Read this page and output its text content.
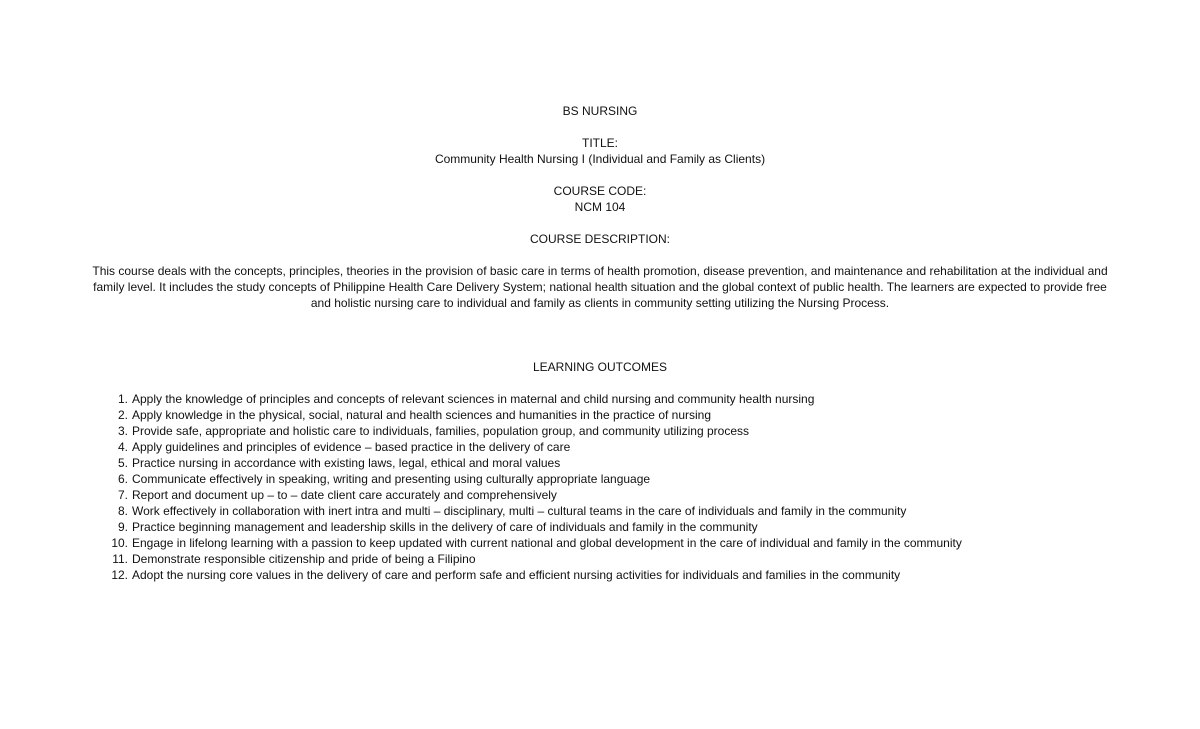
BS NURSING
TITLE:
Community Health Nursing I (Individual and Family as Clients)
COURSE CODE:
NCM 104
COURSE DESCRIPTION:
This course deals with the concepts, principles, theories in the provision of basic care in terms of health promotion, disease prevention, and maintenance and rehabilitation at the individual and family level. It includes the study concepts of Philippine Health Care Delivery System; national health situation and the global context of public health. The learners are expected to provide free and holistic nursing care to individual and family as clients in community setting utilizing the Nursing Process.
LEARNING OUTCOMES
1. Apply the knowledge of principles and concepts of relevant sciences in maternal and child nursing and community health nursing
2. Apply knowledge in the physical, social, natural and health sciences and humanities in the practice of nursing
3. Provide safe, appropriate and holistic care to individuals, families, population group, and community utilizing process
4. Apply guidelines and principles of evidence – based practice in the delivery of care
5. Practice nursing in accordance with existing laws, legal, ethical and moral values
6. Communicate effectively in speaking, writing and presenting using culturally appropriate language
7. Report and document up – to – date client care accurately and comprehensively
8. Work effectively in collaboration with inert intra and multi – disciplinary, multi – cultural teams in the care of individuals and family in the community
9. Practice beginning management and leadership skills in the delivery of care of individuals and family in the community
10. Engage in lifelong learning with a passion to keep updated with current national and global development in the care of individual and family in the community
11. Demonstrate responsible citizenship and pride of being a Filipino
12. Adopt the nursing core values in the delivery of care and perform safe and efficient nursing activities for individuals and families in the community
